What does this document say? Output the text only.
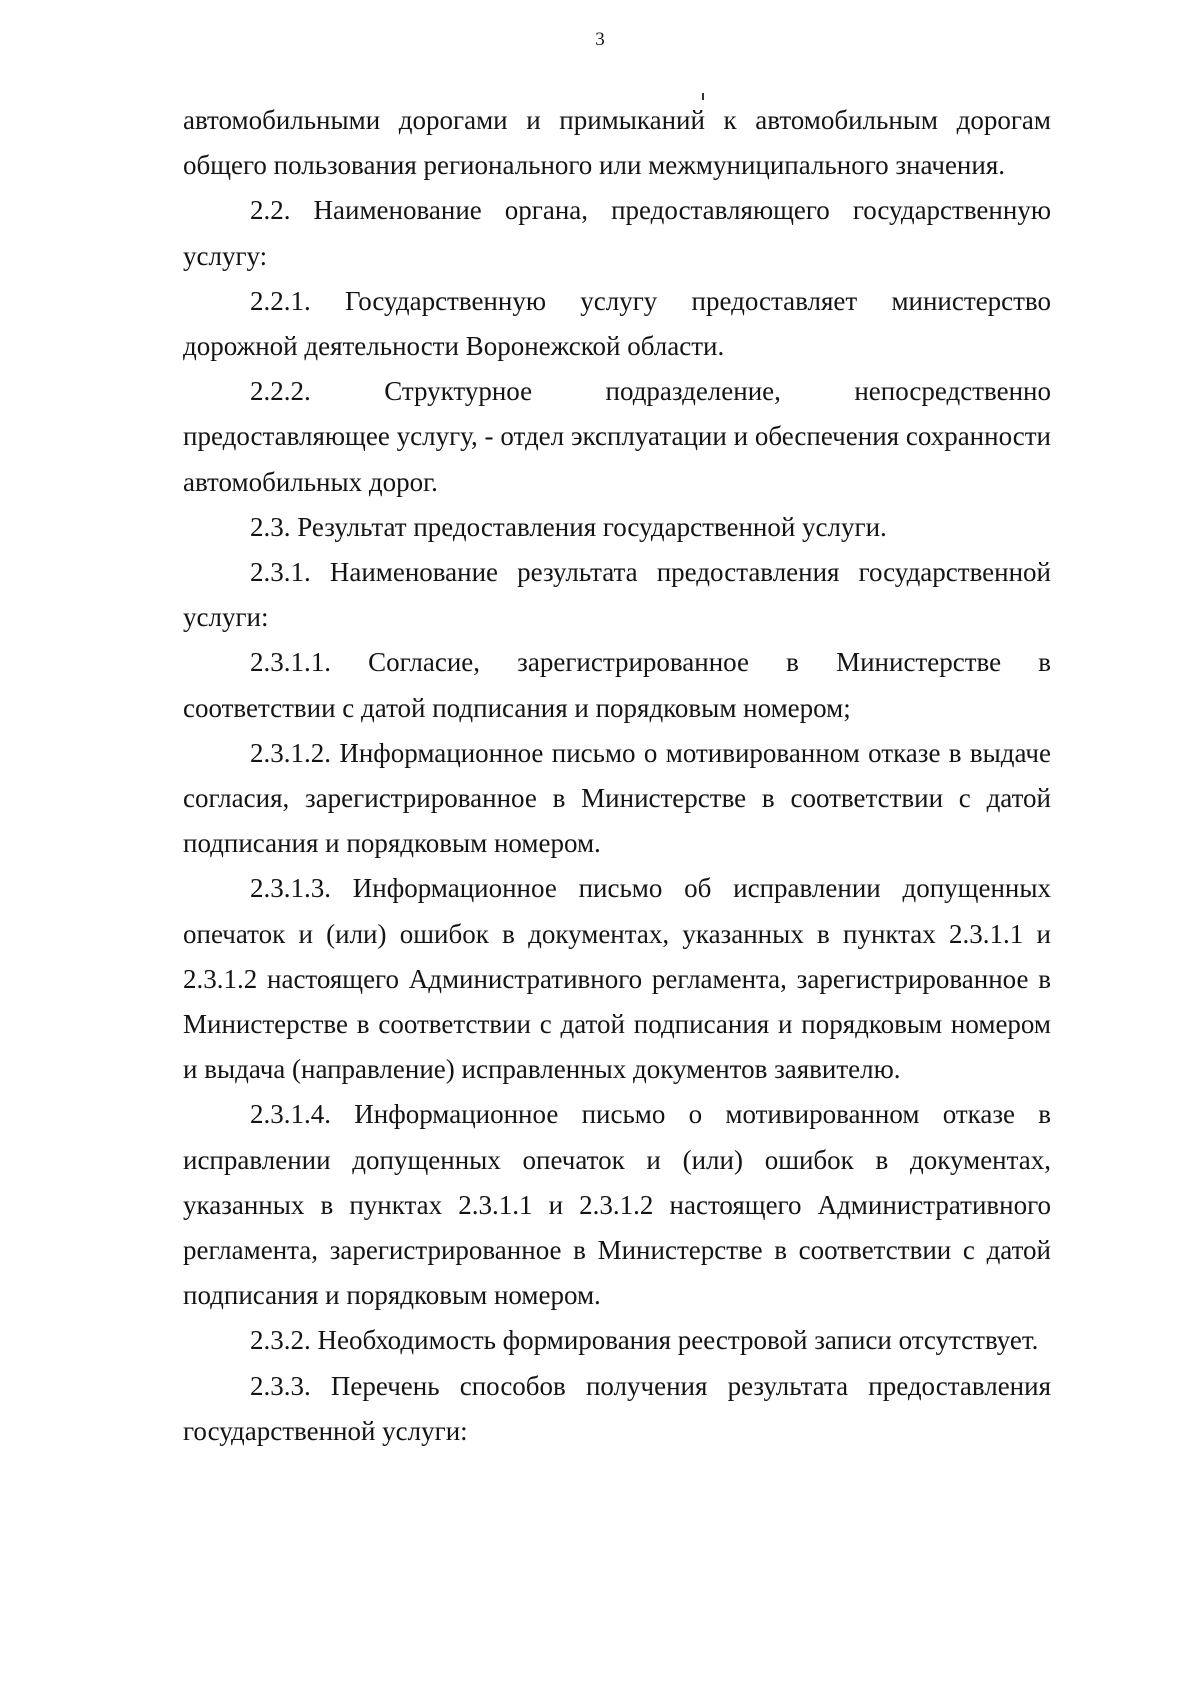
3

автомобильными дорогами и примыканий к автомобильным дорогам общего пользования регионального или межмуниципального значения.

2.2. Наименование органа, предоставляющего государственную услугу:

2.2.1. Государственную услугу предоставляет министерство дорожной деятельности Воронежской области.

2.2.2. Структурное подразделение, непосредственно предоставляющее услугу, - отдел эксплуатации и обеспечения сохранности автомобильных дорог.

2.3. Результат предоставления государственной услуги.

2.3.1. Наименование результата предоставления государственной услуги:

2.3.1.1. Согласие, зарегистрированное в Министерстве в соответствии с датой подписания и порядковым номером;

2.3.1.2. Информационное письмо о мотивированном отказе в выдаче согласия, зарегистрированное в Министерстве в соответствии с датой подписания и порядковым номером.

2.3.1.3. Информационное письмо об исправлении допущенных опечаток и (или) ошибок в документах, указанных в пунктах 2.3.1.1 и 2.3.1.2 настоящего Административного регламента, зарегистрированное в Министерстве в соответствии с датой подписания и порядковым номером и выдача (направление) исправленных документов заявителю.

2.3.1.4. Информационное письмо о мотивированном отказе в исправлении допущенных опечаток и (или) ошибок в документах, указанных в пунктах 2.3.1.1 и 2.3.1.2 настоящего Административного регламента, зарегистрированное в Министерстве в соответствии с датой подписания и порядковым номером.

2.3.2. Необходимость формирования реестровой записи отсутствует.

2.3.3. Перечень способов получения результата предоставления государственной услуги:
